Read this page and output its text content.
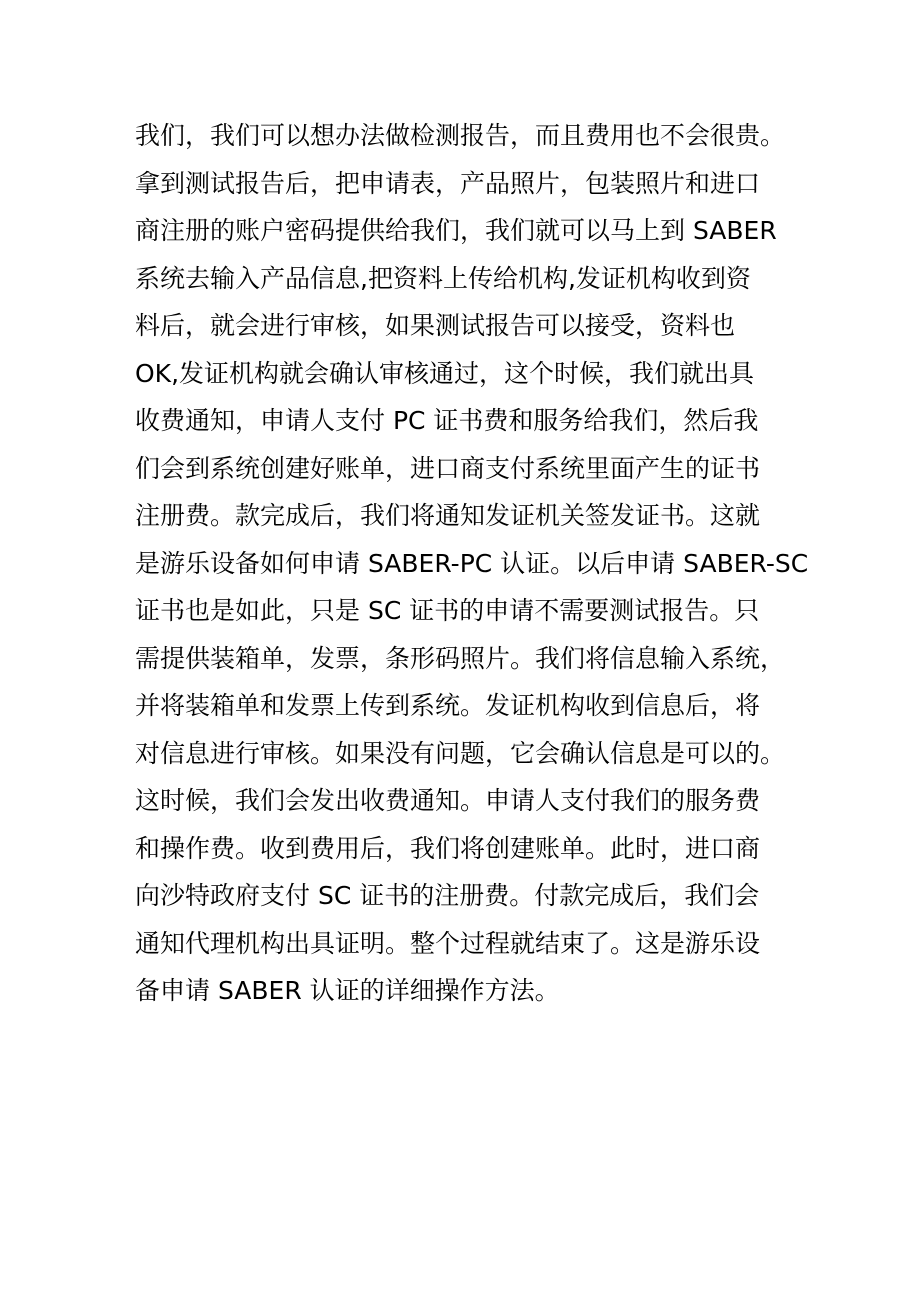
我们，我们可以想办法做检测报告，而且费用也不会很贵。
拿到测试报告后，把申请表，产品照片，包装照片和进口
商注册的账户密码提供给我们，我们就可以马上到 SABER
系统去输入产品信息,把资料上传给机构,发证机构收到资
料后，就会进行审核，如果测试报告可以接受，资料也
OK,发证机构就会确认审核通过，这个时候，我们就出具
收费通知，申请人支付 PC 证书费和服务给我们，然后我
们会到系统创建好账单，进口商支付系统里面产生的证书
注册费。款完成后，我们将通知发证机关签发证书。这就
是游乐设备如何申请 SABER-PC 认证。以后申请 SABER-SC
证书也是如此，只是 SC 证书的申请不需要测试报告。只
需提供装箱单，发票，条形码照片。我们将信息输入系统，
并将装箱单和发票上传到系统。发证机构收到信息后，将
对信息进行审核。如果没有问题，它会确认信息是可以的。
这时候，我们会发出收费通知。申请人支付我们的服务费
和操作费。收到费用后，我们将创建账单。此时，进口商
向沙特政府支付 SC 证书的注册费。付款完成后，我们会
通知代理机构出具证明。整个过程就结束了。这是游乐设
备申请 SABER 认证的详细操作方法。
